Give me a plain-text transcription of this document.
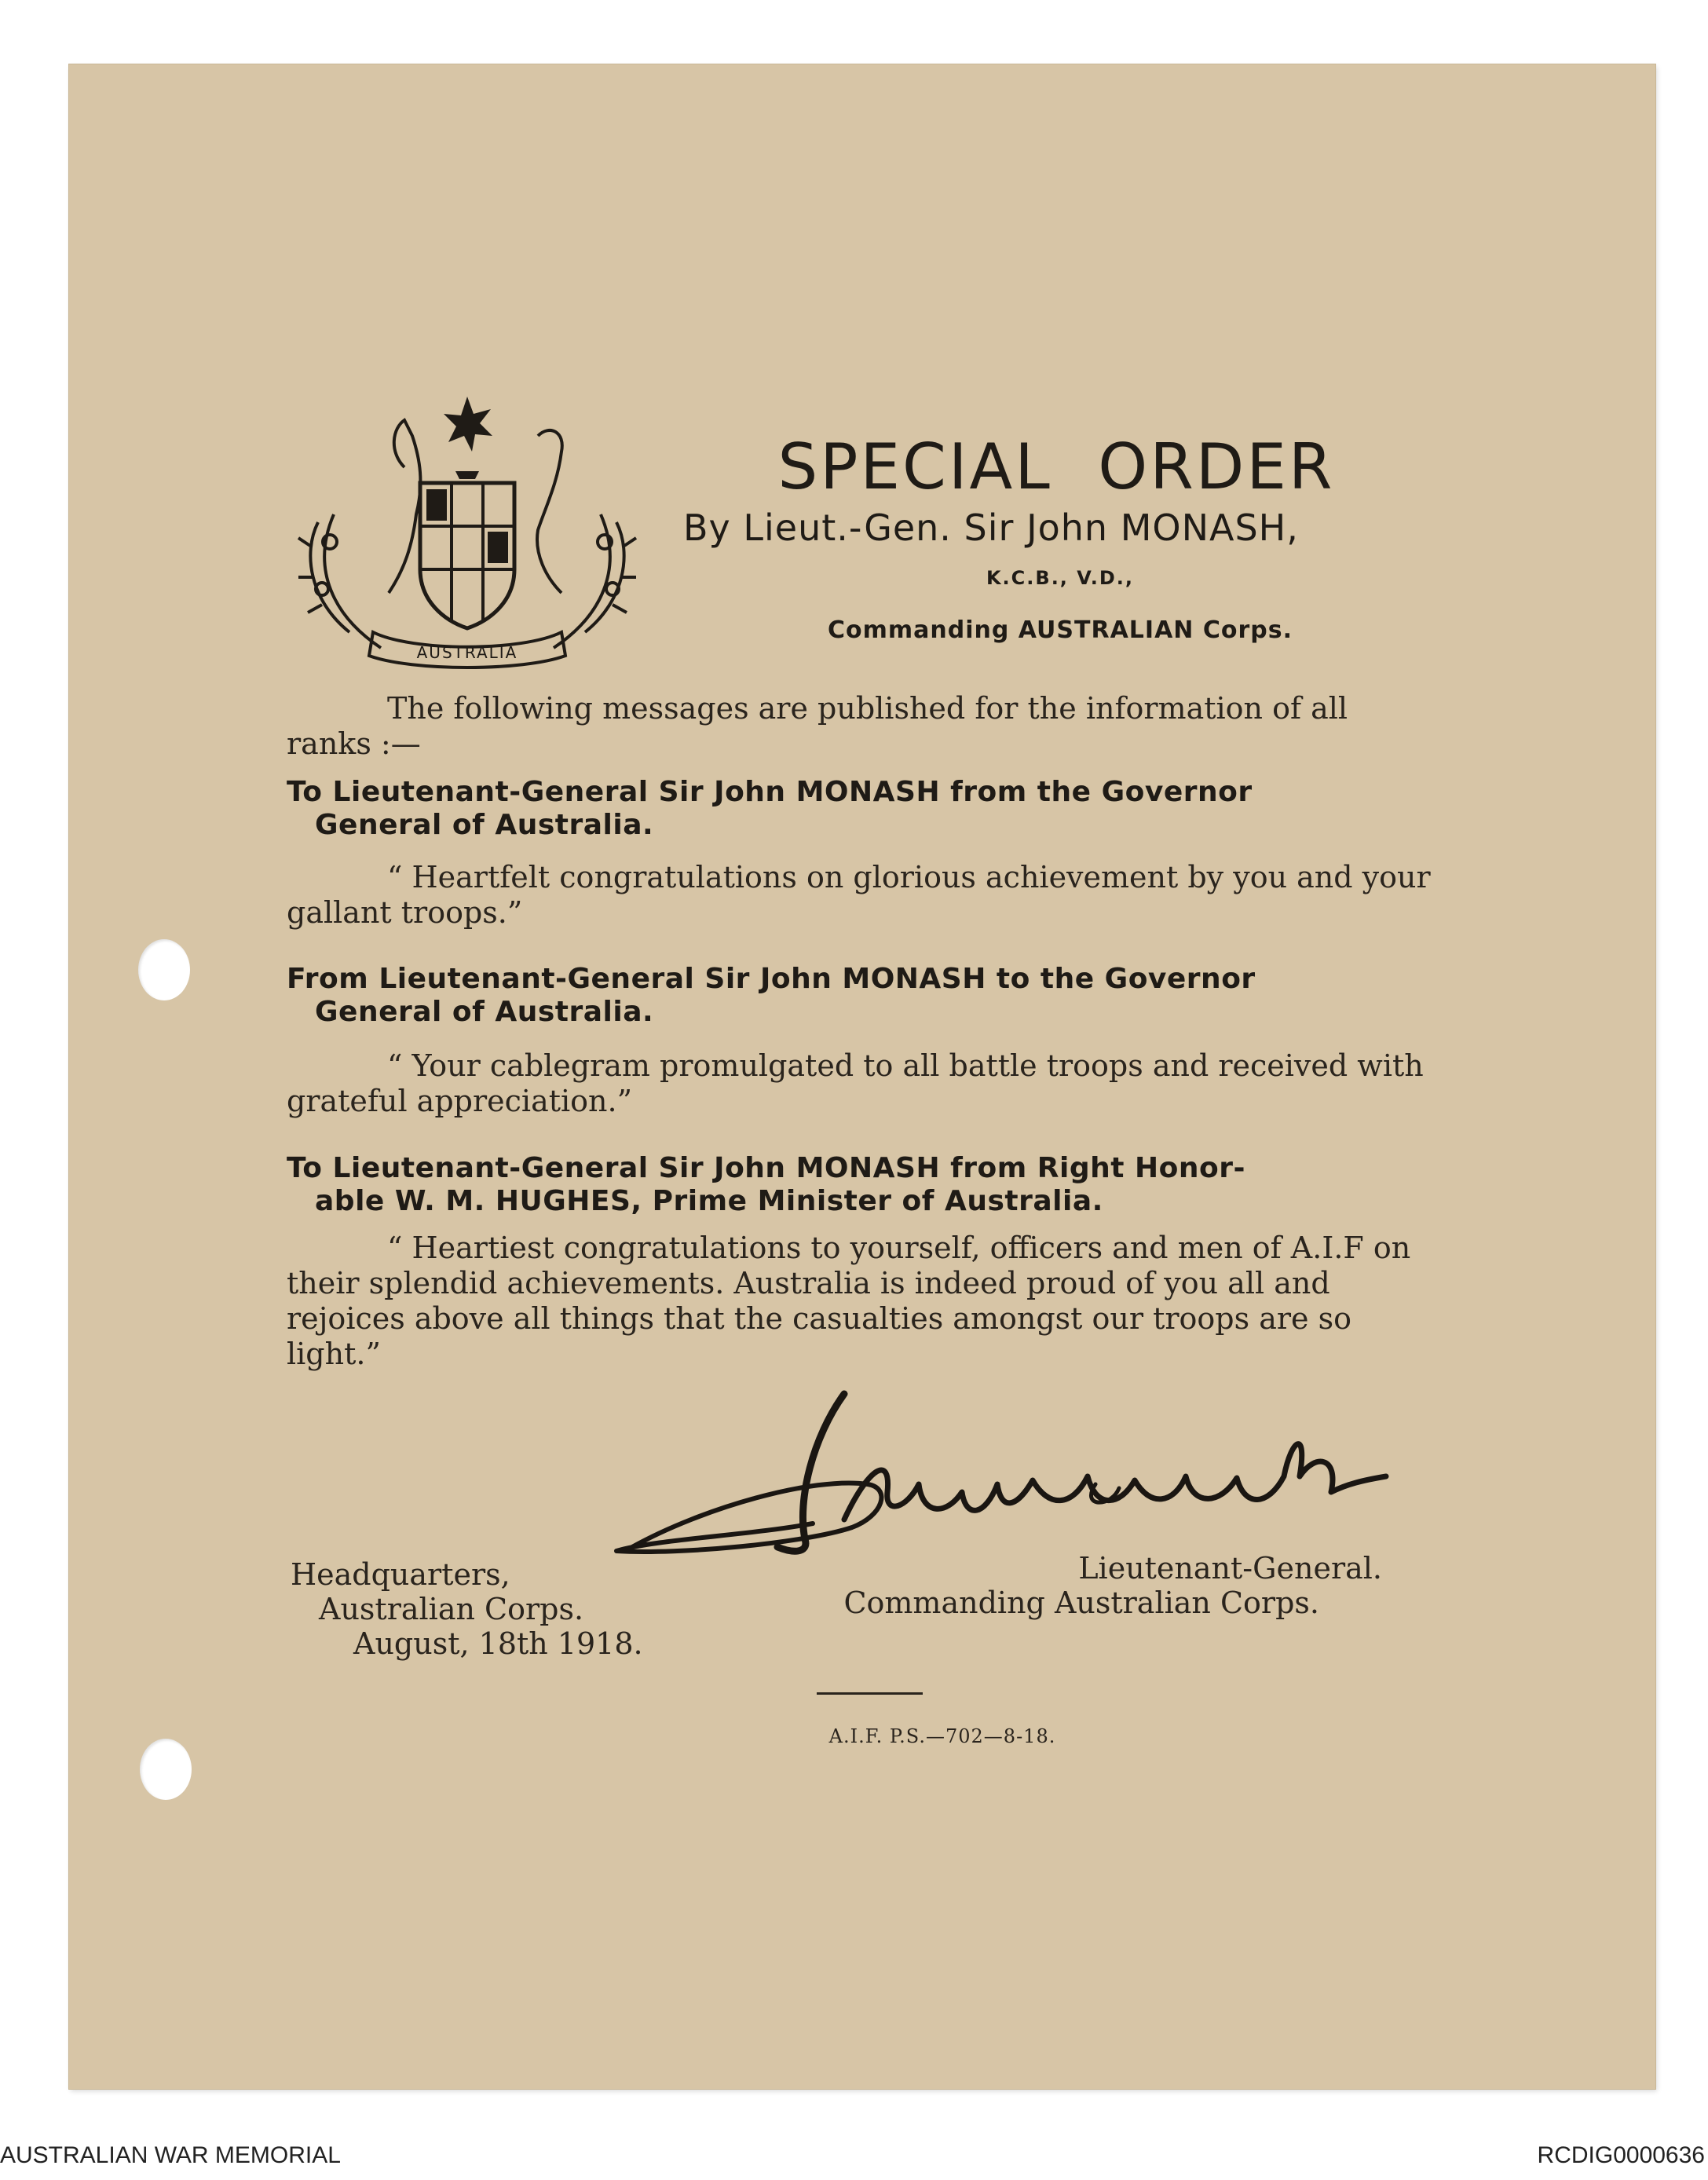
AUSTRALIA
SPECIAL ORDER
By Lieut.-Gen. Sir John MONASH,
K.C.B., V.D.,
Commanding AUSTRALIAN Corps.
The following messages are published for the information of all ranks :—
To Lieutenant-General Sir John MONASH from the Governor
General of Australia.
“ Heartfelt congratulations on glorious achievement by you and your gallant troops.”
From Lieutenant-General Sir John MONASH to the Governor
General of Australia.
“ Your cablegram promulgated to all battle troops and received with grateful appreciation.”
To Lieutenant-General Sir John MONASH from Right Honor-
able W. M. HUGHES, Prime Minister of Australia.
“ Heartiest congratulations to yourself, officers and men of A.I.F on their splendid achievements. Australia is indeed proud of you all and rejoices above all things that the casualties amongst our troops are so light.”
Headquarters,
Australian Corps.
August, 18th 1918.
Lieutenant-General.
Commanding Australian Corps.
A.I.F. P.S.—702—8-18.
AUSTRALIAN WAR MEMORIAL	RCDIG0000636
